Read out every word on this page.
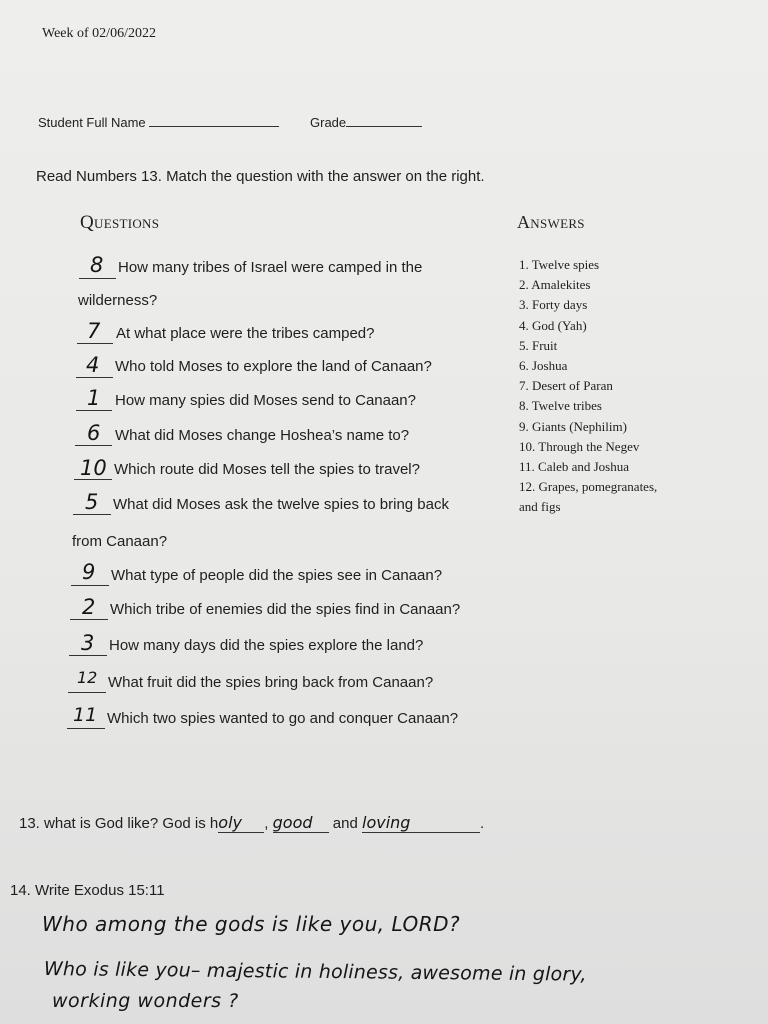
Week of 02/06/2022
Student Full Name	Grade
Read Numbers 13. Match the question with the answer on the right.
Questions	Answers
8 How many tribes of Israel were camped in the
wilderness?
7 At what place were the tribes camped?
4 Who told Moses to explore the land of Canaan?
1 How many spies did Moses send to Canaan?
6 What did Moses change Hoshea’s name to?
10 Which route did Moses tell the spies to travel?
5 What did Moses ask the twelve spies to bring back
from Canaan?
9 What type of people did the spies see in Canaan?
2 Which tribe of enemies did the spies find in Canaan?
3 How many days did the spies explore the land?
12 What fruit did the spies bring back from Canaan?
11 Which two spies wanted to go and conquer Canaan?
1. Twelve spies
2. Amalekites
3. Forty days
4. God (Yah)
5. Fruit
6. Joshua
7. Desert of Paran
8. Twelve tribes
9. Giants (Nephilim)
10. Through the Negev
11. Caleb and Joshua
12. Grapes, pomegranates,
and figs
13. what is God like? God is holy , good and loving	.
14. Write Exodus 15:11
Who among the gods is like you, LORD?
Who is like you– majestic in holiness, awesome in glory,
working wonders ?
